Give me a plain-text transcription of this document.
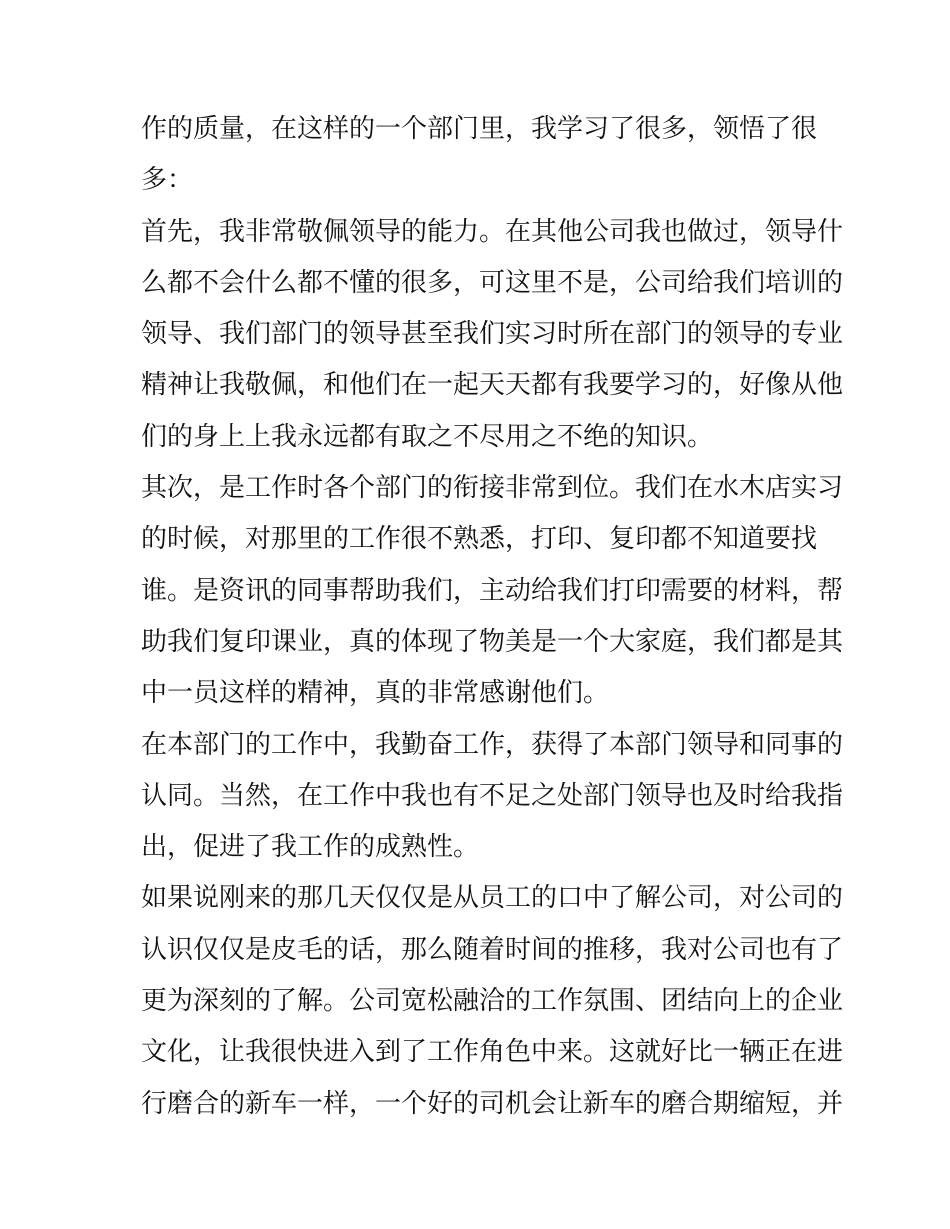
作的质量，在这样的一个部门里，我学习了很多，领悟了很
多：
首先，我非常敬佩领导的能力。在其他公司我也做过，领导什
么都不会什么都不懂的很多，可这里不是，公司给我们培训的
领导、我们部门的领导甚至我们实习时所在部门的领导的专业
精神让我敬佩，和他们在一起天天都有我要学习的，好像从他
们的身上上我永远都有取之不尽用之不绝的知识。
其次，是工作时各个部门的衔接非常到位。我们在水木店实习
的时候，对那里的工作很不熟悉，打印、复印都不知道要找
谁。是资讯的同事帮助我们，主动给我们打印需要的材料，帮
助我们复印课业，真的体现了物美是一个大家庭，我们都是其
中一员这样的精神，真的非常感谢他们。
在本部门的工作中，我勤奋工作，获得了本部门领导和同事的
认同。当然，在工作中我也有不足之处部门领导也及时给我指
出，促进了我工作的成熟性。
如果说刚来的那几天仅仅是从员工的口中了解公司，对公司的
认识仅仅是皮毛的话，那么随着时间的推移，我对公司也有了
更为深刻的了解。公司宽松融洽的工作氛围、团结向上的企业
文化，让我很快进入到了工作角色中来。这就好比一辆正在进
行磨合的新车一样，一个好的司机会让新车的磨合期缩短，并
